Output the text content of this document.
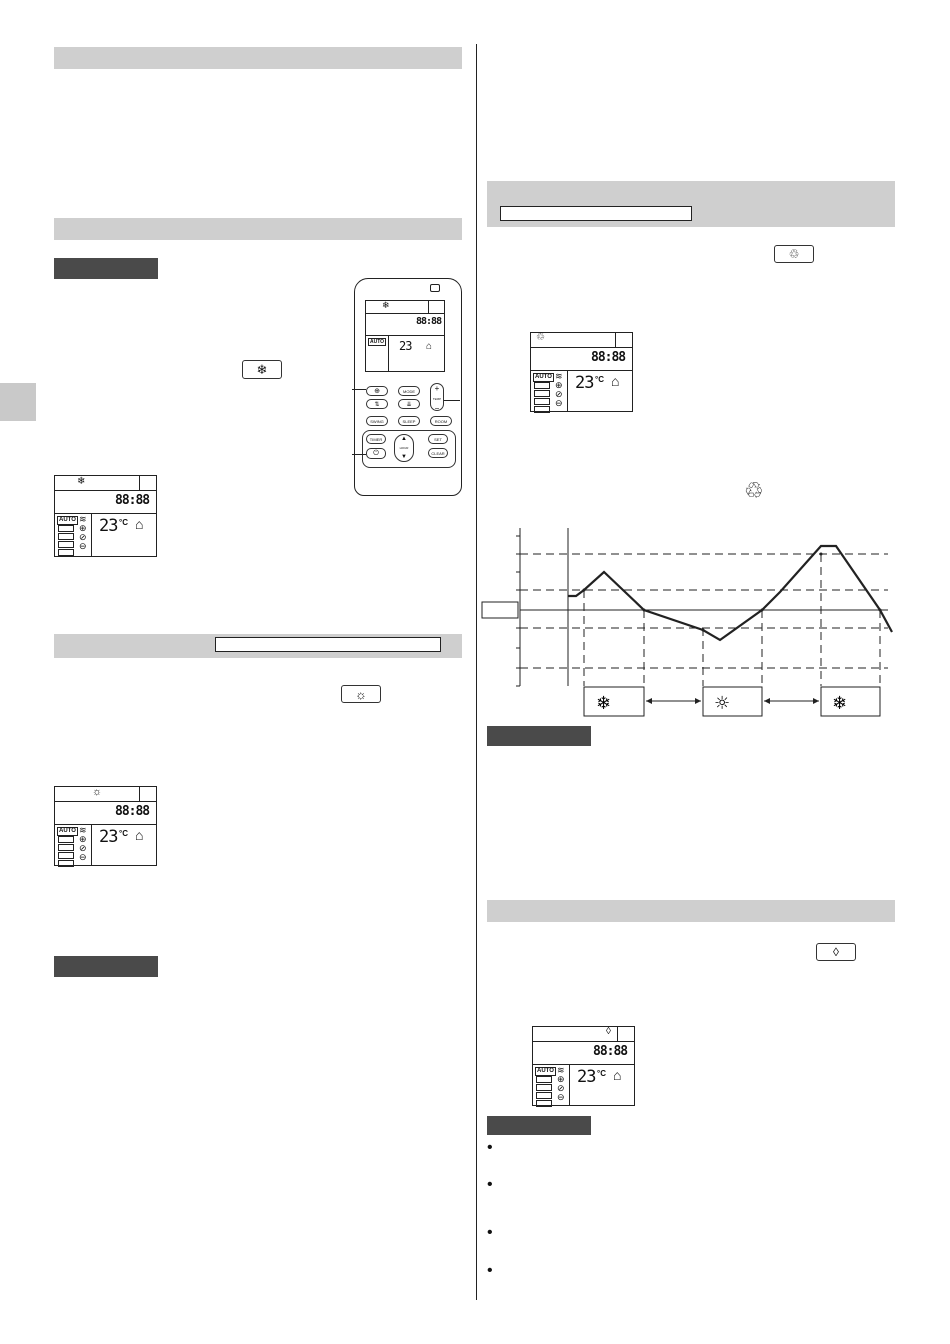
❄
❄
88:88
AUTO 23 ⌂
⊕	MODE	+
TEMP
−
⇅	⇊
SWING	SLEEP	ROOM
TIMER
⏻
▲
HOUR
▼
SET
CLEAR
❄
88:88
AUTO ≋
⊕
⊘
⊖
23 °C ⌂
☼
☼
88:88
AUTO ≋
⊕
⊘
⊖
23 °C ⌂
♲
♲
88:88
AUTO ≋
⊕
⊘
⊖
23 °C ⌂
♲
❄	☼	❄
◊
◊
88:88
AUTO ≋
⊕
⊘
⊖
23 °C ⌂
•
•
•
•
